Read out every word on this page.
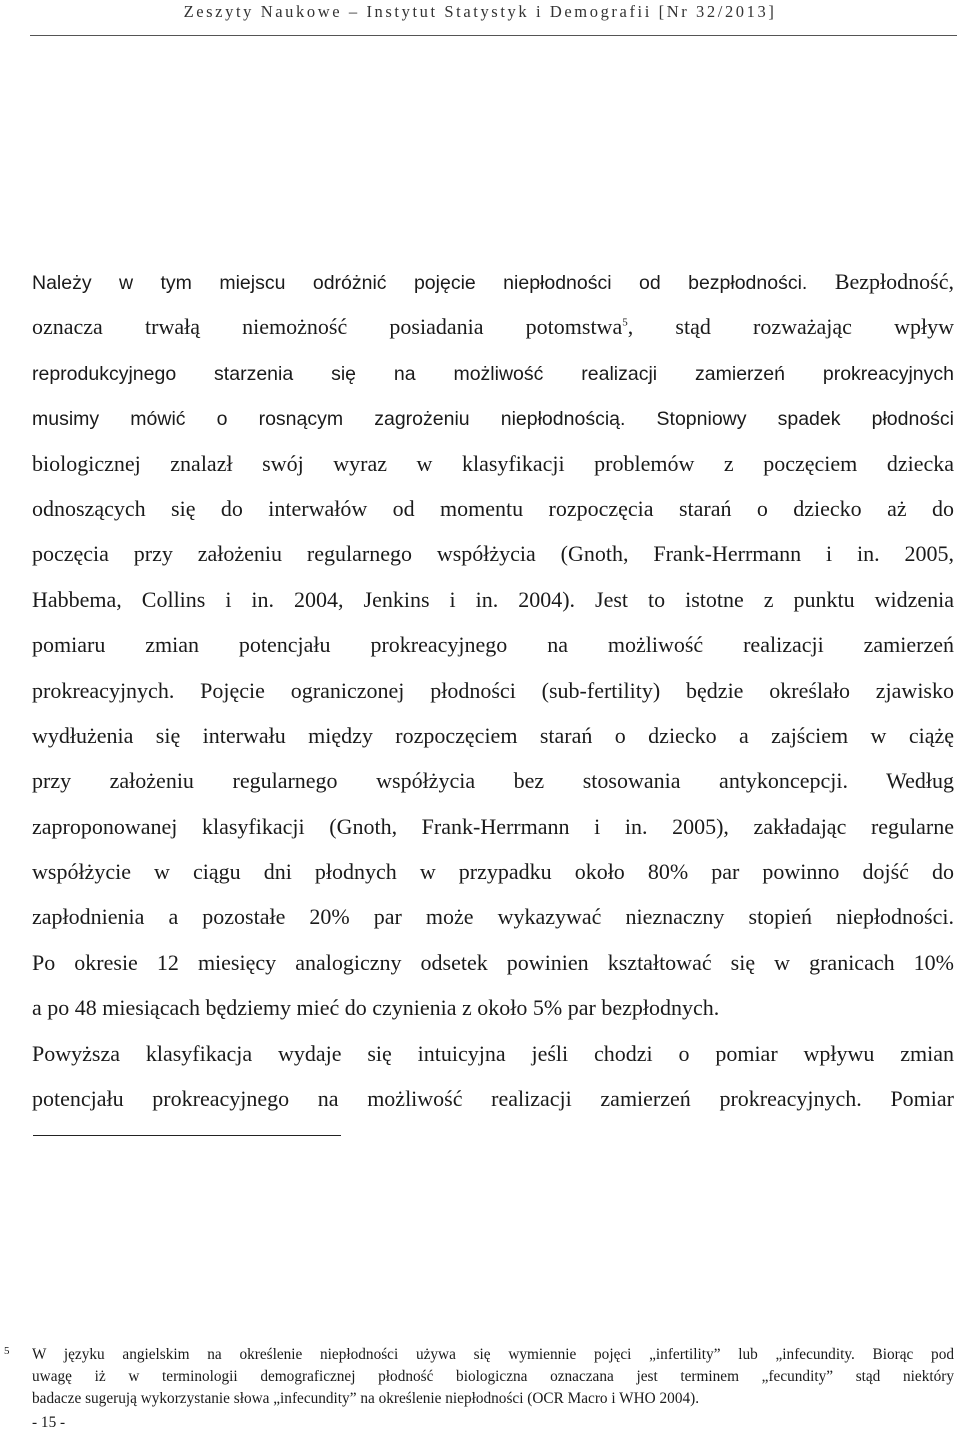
Zeszyty Naukowe – Instytut Statystyk i Demografii [Nr 32/2013]
Należy w tym miejscu odróżnić pojęcie niepłodności od bezpłodności. Bezpłodność,
oznacza trwałą niemożność posiadania potomstwa$^5$, stąd rozważając wpływ
reprodukcyjnego starzenia się na możliwość realizacji zamierzeń prokreacyjnych
musimy mówić o rosnącym zagrożeniu niepłodnością. Stopniowy spadek płodności
biologicznej znalazł swój wyraz w klasyfikacji problemów z poczęciem dziecka
odnoszących się do interwałów od momentu rozpoczęcia starań o dziecko aż do
poczęcia przy założeniu regularnego współżycia (Gnoth, Frank-Herrmann i in. 2005,
Habbema, Collins i in. 2004, Jenkins i in. 2004). Jest to istotne z punktu widzenia
pomiaru zmian potencjału prokreacyjnego na możliwość realizacji zamierzeń
prokreacyjnych. Pojęcie ograniczonej płodności (sub-fertility) będzie określało zjawisko
wydłużenia się interwału między rozpoczęciem starań o dziecko a zajściem w ciążę
przy założeniu regularnego współżycia bez stosowania antykoncepcji. Według
zaproponowanej klasyfikacji (Gnoth, Frank-Herrmann i in. 2005), zakładając regularne
współżycie w ciągu dni płodnych w przypadku około 80% par powinno dojść do
zapłodnienia a pozostałe 20% par może wykazywać nieznaczny stopień niepłodności.
Po okresie 12 miesięcy analogiczny odsetek powinien kształtować się w granicach 10%
a po 48 miesiącach będziemy mieć do czynienia z około 5% par bezpłodnych.
Powyższa klasyfikacja wydaje się intuicyjna jeśli chodzi o pomiar wpływu zmian
potencjału prokreacyjnego na możliwość realizacji zamierzeń prokreacyjnych. Pomiar
5	W języku angielskim na określenie niepłodności używa się wymiennie pojęci „infertility” lub „infecundity. Biorąc pod
uwagę iż w terminologii demograficznej płodność biologiczna oznaczana jest terminem „fecundity” stąd niektóry
badacze sugerują wykorzystanie słowa „infecundity” na określenie niepłodności (OCR Macro i WHO 2004).
- 15 -
